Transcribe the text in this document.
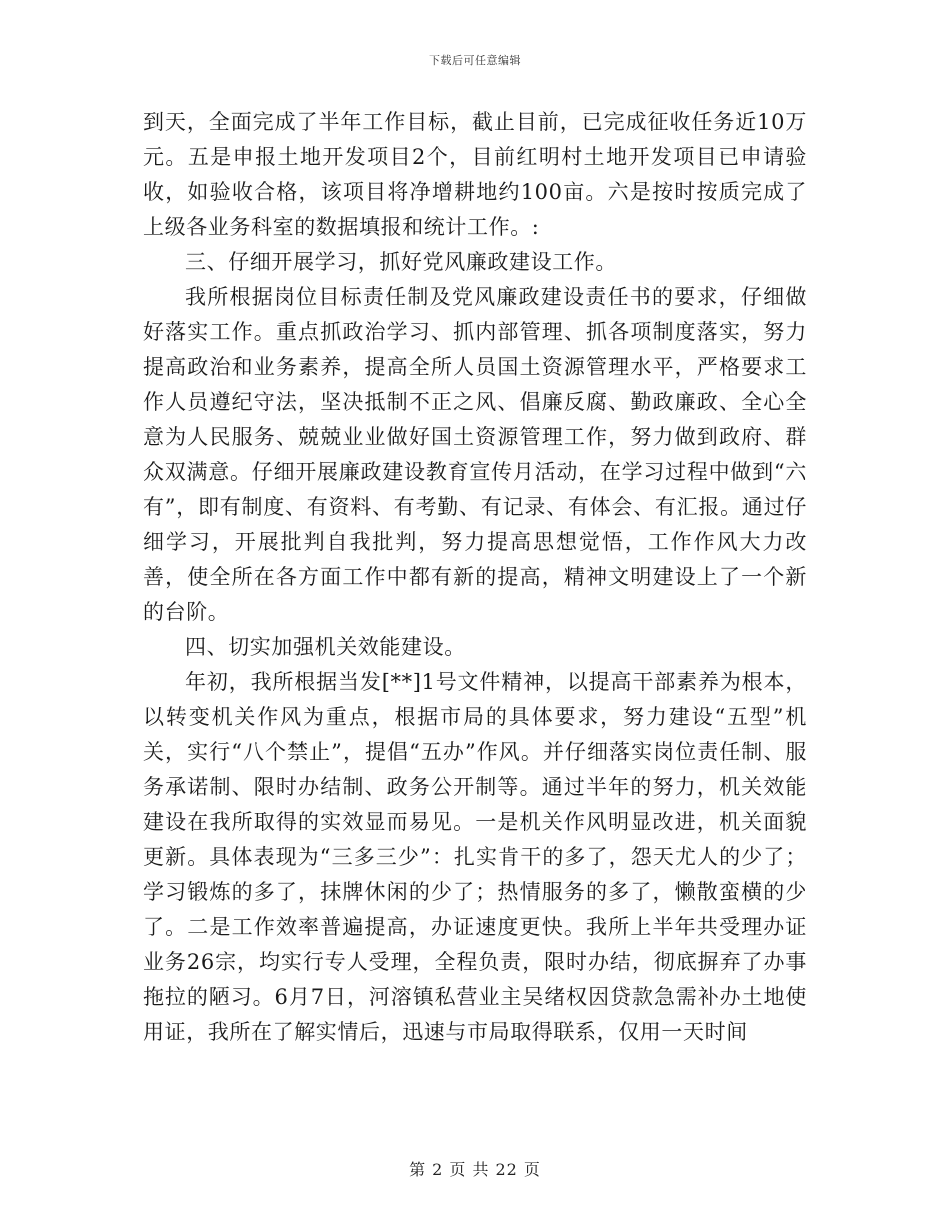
下载后可任意编辑

到天，全面完成了半年工作目标，截止目前，已完成征收任务近10万元。五是申报土地开发项目2个，目前红明村土地开发项目已申请验收，如验收合格，该项目将净增耕地约100亩。六是按时按质完成了上级各业务科室的数据填报和统计工作。:

三、仔细开展学习，抓好党风廉政建设工作。

我所根据岗位目标责任制及党风廉政建设责任书的要求，仔细做好落实工作。重点抓政治学习、抓内部管理、抓各项制度落实，努力提高政治和业务素养，提高全所人员国土资源管理水平，严格要求工作人员遵纪守法，坚决抵制不正之风、倡廉反腐、勤政廉政、全心全意为人民服务、兢兢业业做好国土资源管理工作，努力做到政府、群众双满意。仔细开展廉政建设教育宣传月活动，在学习过程中做到“六有”，即有制度、有资料、有考勤、有记录、有体会、有汇报。通过仔细学习，开展批判自我批判，努力提高思想觉悟，工作作风大力改善，使全所在各方面工作中都有新的提高，精神文明建设上了一个新的台阶。

四、切实加强机关效能建设。

年初，我所根据当发[**]1号文件精神，以提高干部素养为根本，以转变机关作风为重点，根据市局的具体要求，努力建设“五型”机关，实行“八个禁止”，提倡“五办”作风。并仔细落实岗位责任制、服务承诺制、限时办结制、政务公开制等。通过半年的努力，机关效能建设在我所取得的实效显而易见。一是机关作风明显改进，机关面貌更新。具体表现为“三多三少”：扎实肯干的多了，怨天尤人的少了；学习锻炼的多了，抹牌休闲的少了；热情服务的多了，懒散蛮横的少了。二是工作效率普遍提高，办证速度更快。我所上半年共受理办证业务26宗，均实行专人受理，全程负责，限时办结，彻底摒弃了办事拖拉的陋习。6月7日，河溶镇私营业主吴绪权因贷款急需补办土地使用证，我所在了解实情后，迅速与市局取得联系，仅用一天时间

第 2 页 共 22 页
